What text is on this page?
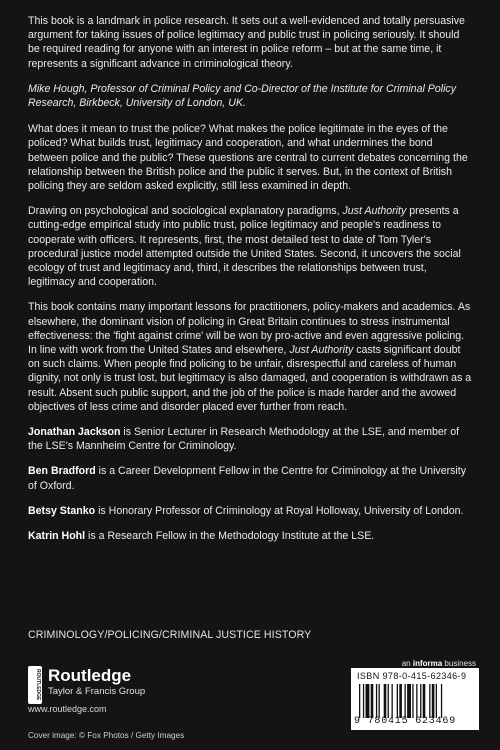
This book is a landmark in police research. It sets out a well-evidenced and totally persuasive argument for taking issues of police legitimacy and public trust in policing seriously. It should be required reading for anyone with an interest in police reform – but at the same time, it represents a significant advance in criminological theory.

Mike Hough, Professor of Criminal Policy and Co-Director of the Institute for Criminal Policy Research, Birkbeck, University of London, UK.

What does it mean to trust the police? What makes the police legitimate in the eyes of the policed? What builds trust, legitimacy and cooperation, and what undermines the bond between police and the public? These questions are central to current debates concerning the relationship between the British police and the public it serves. But, in the context of British policing they are seldom asked explicitly, still less examined in depth.

Drawing on psychological and sociological explanatory paradigms, Just Authority presents a cutting-edge empirical study into public trust, police legitimacy and people's readiness to cooperate with officers. It represents, first, the most detailed test to date of Tom Tyler's procedural justice model attempted outside the United States. Second, it uncovers the social ecology of trust and legitimacy and, third, it describes the relationships between trust, legitimacy and cooperation.

This book contains many important lessons for practitioners, policy-makers and academics. As elsewhere, the dominant vision of policing in Great Britain continues to stress instrumental effectiveness: the 'fight against crime' will be won by pro-active and even aggressive policing. In line with work from the United States and elsewhere, Just Authority casts significant doubt on such claims. When people find policing to be unfair, disrespectful and careless of human dignity, not only is trust lost, but legitimacy is also damaged, and cooperation is withdrawn as a result. Absent such public support, and the job of the police is made harder and the avowed objectives of less crime and disorder placed ever further from reach.

Jonathan Jackson is Senior Lecturer in Research Methodology at the LSE, and member of the LSE's Mannheim Centre for Criminology.

Ben Bradford is a Career Development Fellow in the Centre for Criminology at the University of Oxford.

Betsy Stanko is Honorary Professor of Criminology at Royal Holloway, University of London.

Katrin Hohl is a Research Fellow in the Methodology Institute at the LSE.

CRIMINOLOGY/POLICING/CRIMINAL JUSTICE HISTORY
an informa business
ROUTLEDGE Routledge
Taylor & Francis Group
www.routledge.com
Cover image: © Fox Photos / Getty Images
ISBN 978-0-415-62346-9
9 780415 623469
